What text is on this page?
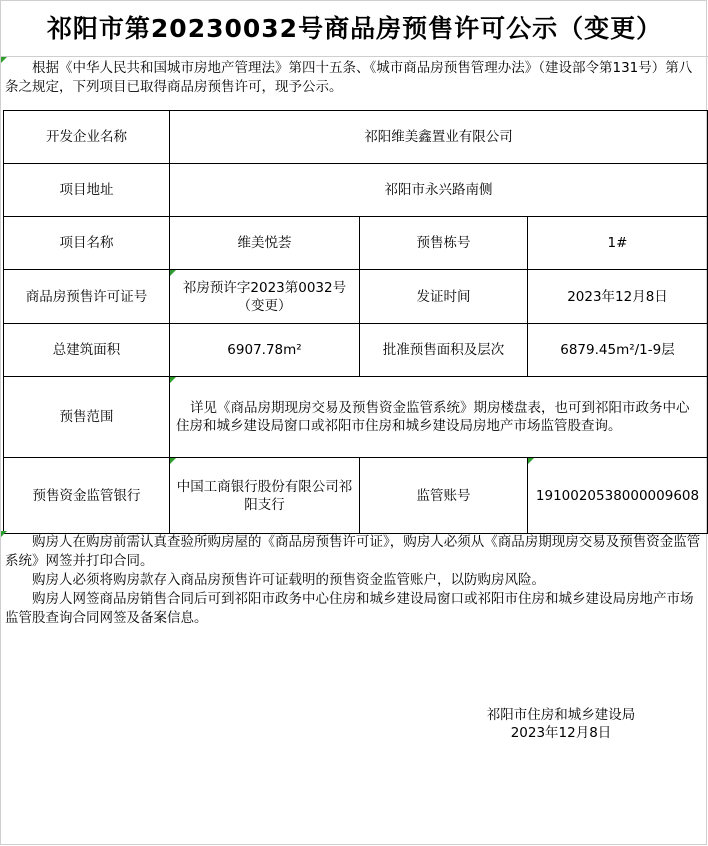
祁阳市第20230032号商品房预售许可公示（变更）
根据《中华人民共和国城市房地产管理法》第四十五条、《城市商品房预售管理办法》（建设部令第131号）第八条之规定，下列项目已取得商品房预售许可，现予公示。
开发企业名称	祁阳维美鑫置业有限公司		
项目地址	祁阳市永兴路南侧		
项目名称	维美悦荟	预售栋号	1#
商品房预售许可证号	祁房预许字2023第0032号（变更）	发证时间	2023年12月8日
总建筑面积	6907.78m²	批准预售面积及层次	6879.45m²/1-9层
预售范围	详见《商品房期现房交易及预售资金监管系统》期房楼盘表，也可到祁阳市政务中心住房和城乡建设局窗口或祁阳市住房和城乡建设局房地产市场监管股查询。		
预售资金监管银行	中国工商银行股份有限公司祁阳支行	监管账号	1910020538000009608

购房人在购房前需认真查验所购房屋的《商品房预售许可证》，购房人必须从《商品房期现房交易及预售资金监管系统》网签并打印合同。

购房人必须将购房款存入商品房预售许可证载明的预售资金监管账户，以防购房风险。

购房人网签商品房销售合同后可到祁阳市政务中心住房和城乡建设局窗口或祁阳市住房和城乡建设局房地产市场监管股查询合同网签及备案信息。

祁阳市住房和城乡建设局
2023年12月8日
